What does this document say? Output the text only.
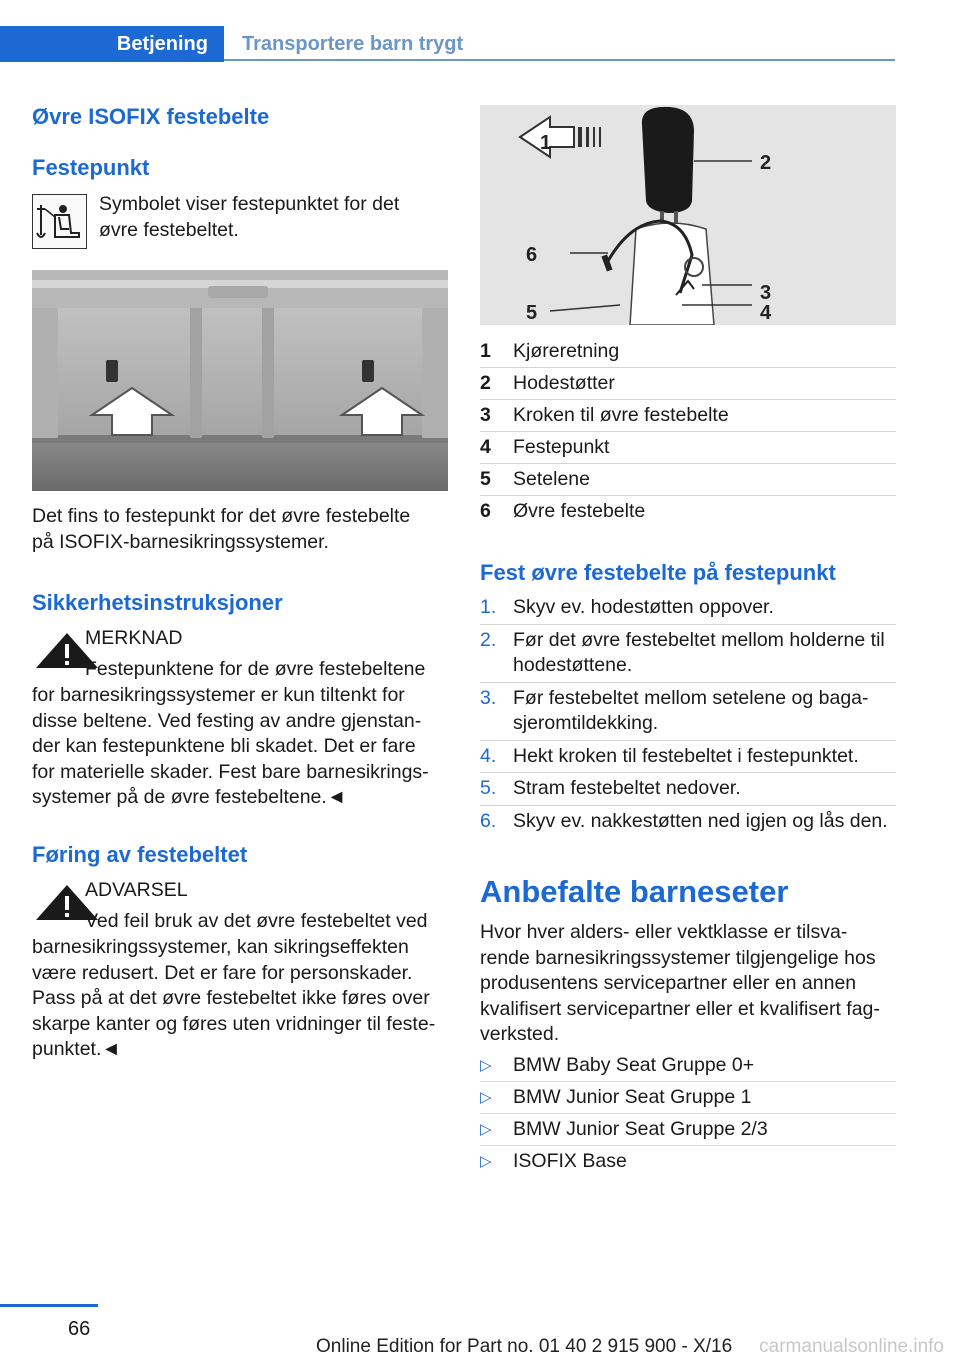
Betjening	Transportere barn trygt
Øvre ISOFIX festebelte
Festepunkt
Symbolet viser festepunktet for det
øvre festebeltet.
Det fins to festepunkt for det øvre festebelte
på ISOFIX-barnesikringssystemer.
Sikkerhetsinstruksjoner
MERKNAD
Festepunktene for de øvre festebeltene
for barnesikringssystemer er kun tiltenkt for
disse beltene. Ved festing av andre gjenstan-
der kan festepunktene bli skadet. Det er fare
for materielle skader. Fest bare barnesikrings-
systemer på de øvre festebeltene.◄
Føring av festebeltet
ADVARSEL
Ved feil bruk av det øvre festebeltet ved
barnesikringssystemer, kan sikringseffekten
være redusert. Det er fare for personskader.
Pass på at det øvre festebeltet ikke føres over
skarpe kanter og føres uten vridninger til feste-
punktet.◄
1
2
3
4
5
6
1 Kjøreretning
2 Hodestøtter
3 Kroken til øvre festebelte
4 Festepunkt
5 Setelene
6 Øvre festebelte
Fest øvre festebelte på festepunkt
1. Skyv ev. hodestøtten oppover.
2. Før det øvre festebeltet mellom holderne til
hodestøttene.
3. Før festebeltet mellom setelene og baga-
sjeromtildekking.
4. Hekt kroken til festebeltet i festepunktet.
5. Stram festebeltet nedover.
6. Skyv ev. nakkestøtten ned igjen og lås den.
Anbefalte barneseter
Hvor hver alders- eller vektklasse er tilsva-
rende barnesikringssystemer tilgjengelige hos
produsentens servicepartner eller en annen
kvalifisert servicepartner eller et kvalifisert fag-
verksted.
▷ BMW Baby Seat Gruppe 0+
▷ BMW Junior Seat Gruppe 1
▷ BMW Junior Seat Gruppe 2/3
▷ ISOFIX Base
66
Online Edition for Part no. 01 40 2 915 900 - X/16 carmanualsonline.info
